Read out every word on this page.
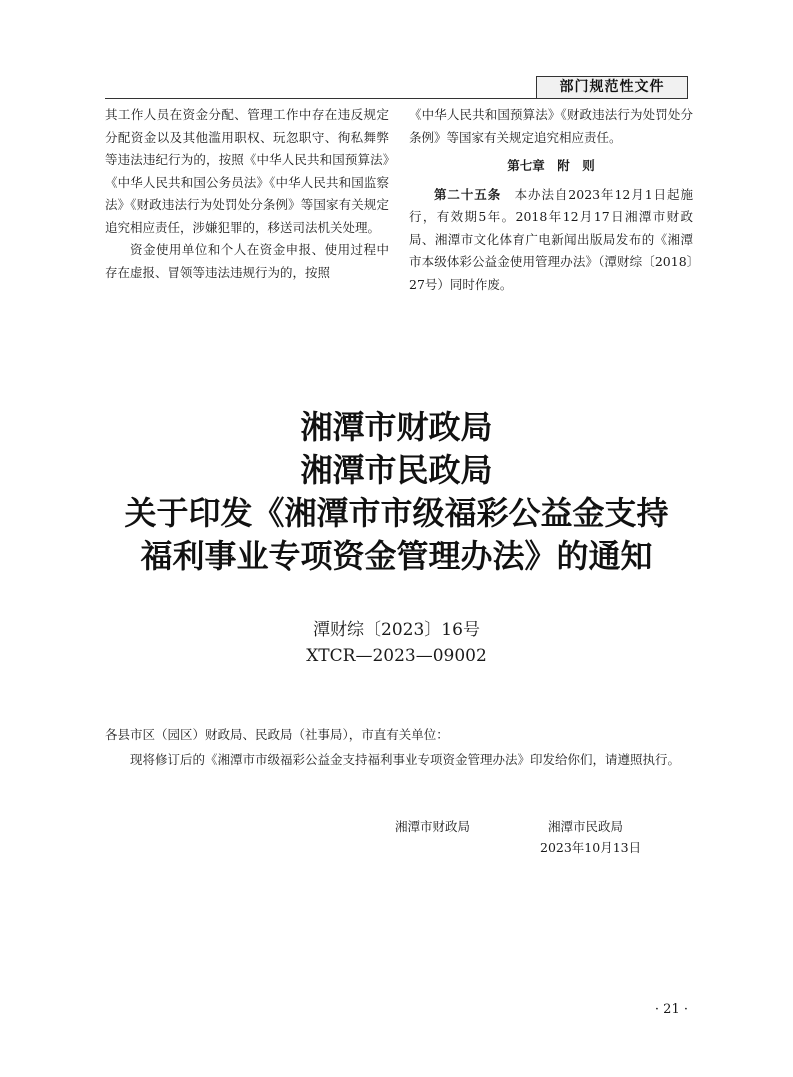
部门规范性文件

其工作人员在资金分配、管理工作中存在违反规定分配资金以及其他滥用职权、玩忽职守、徇私舞弊等违法违纪行为的，按照《中华人民共和国预算法》《中华人民共和国公务员法》《中华人民共和国监察法》《财政违法行为处罚处分条例》等国家有关规定追究相应责任，涉嫌犯罪的，移送司法机关处理。

资金使用单位和个人在资金申报、使用过程中存在虚报、冒领等违法违规行为的，按照

《中华人民共和国预算法》《财政违法行为处罚处分条例》等国家有关规定追究相应责任。

第七章　附　则

第二十五条　 本办法自2023年12月1日起施行，有效期5年。2018年12月17日湘潭市财政局、湘潭市文化体育广电新闻出版局发布的《湘潭市本级体彩公益金使用管理办法》（潭财综〔2018〕27号）同时作废。

湘潭市财政局
湘潭市民政局
关于印发《湘潭市市级福彩公益金支持
福利事业专项资金管理办法》的通知
潭财综〔2023〕16号
XTCR—2023—09002

各县市区（园区）财政局、民政局（社事局），市直有关单位：

现将修订后的《湘潭市市级福彩公益金支持福利事业专项资金管理办法》印发给你们，请遵照执行。

湘潭市财政局	湘潭市民政局
2023年10月13日
· 21 ·
